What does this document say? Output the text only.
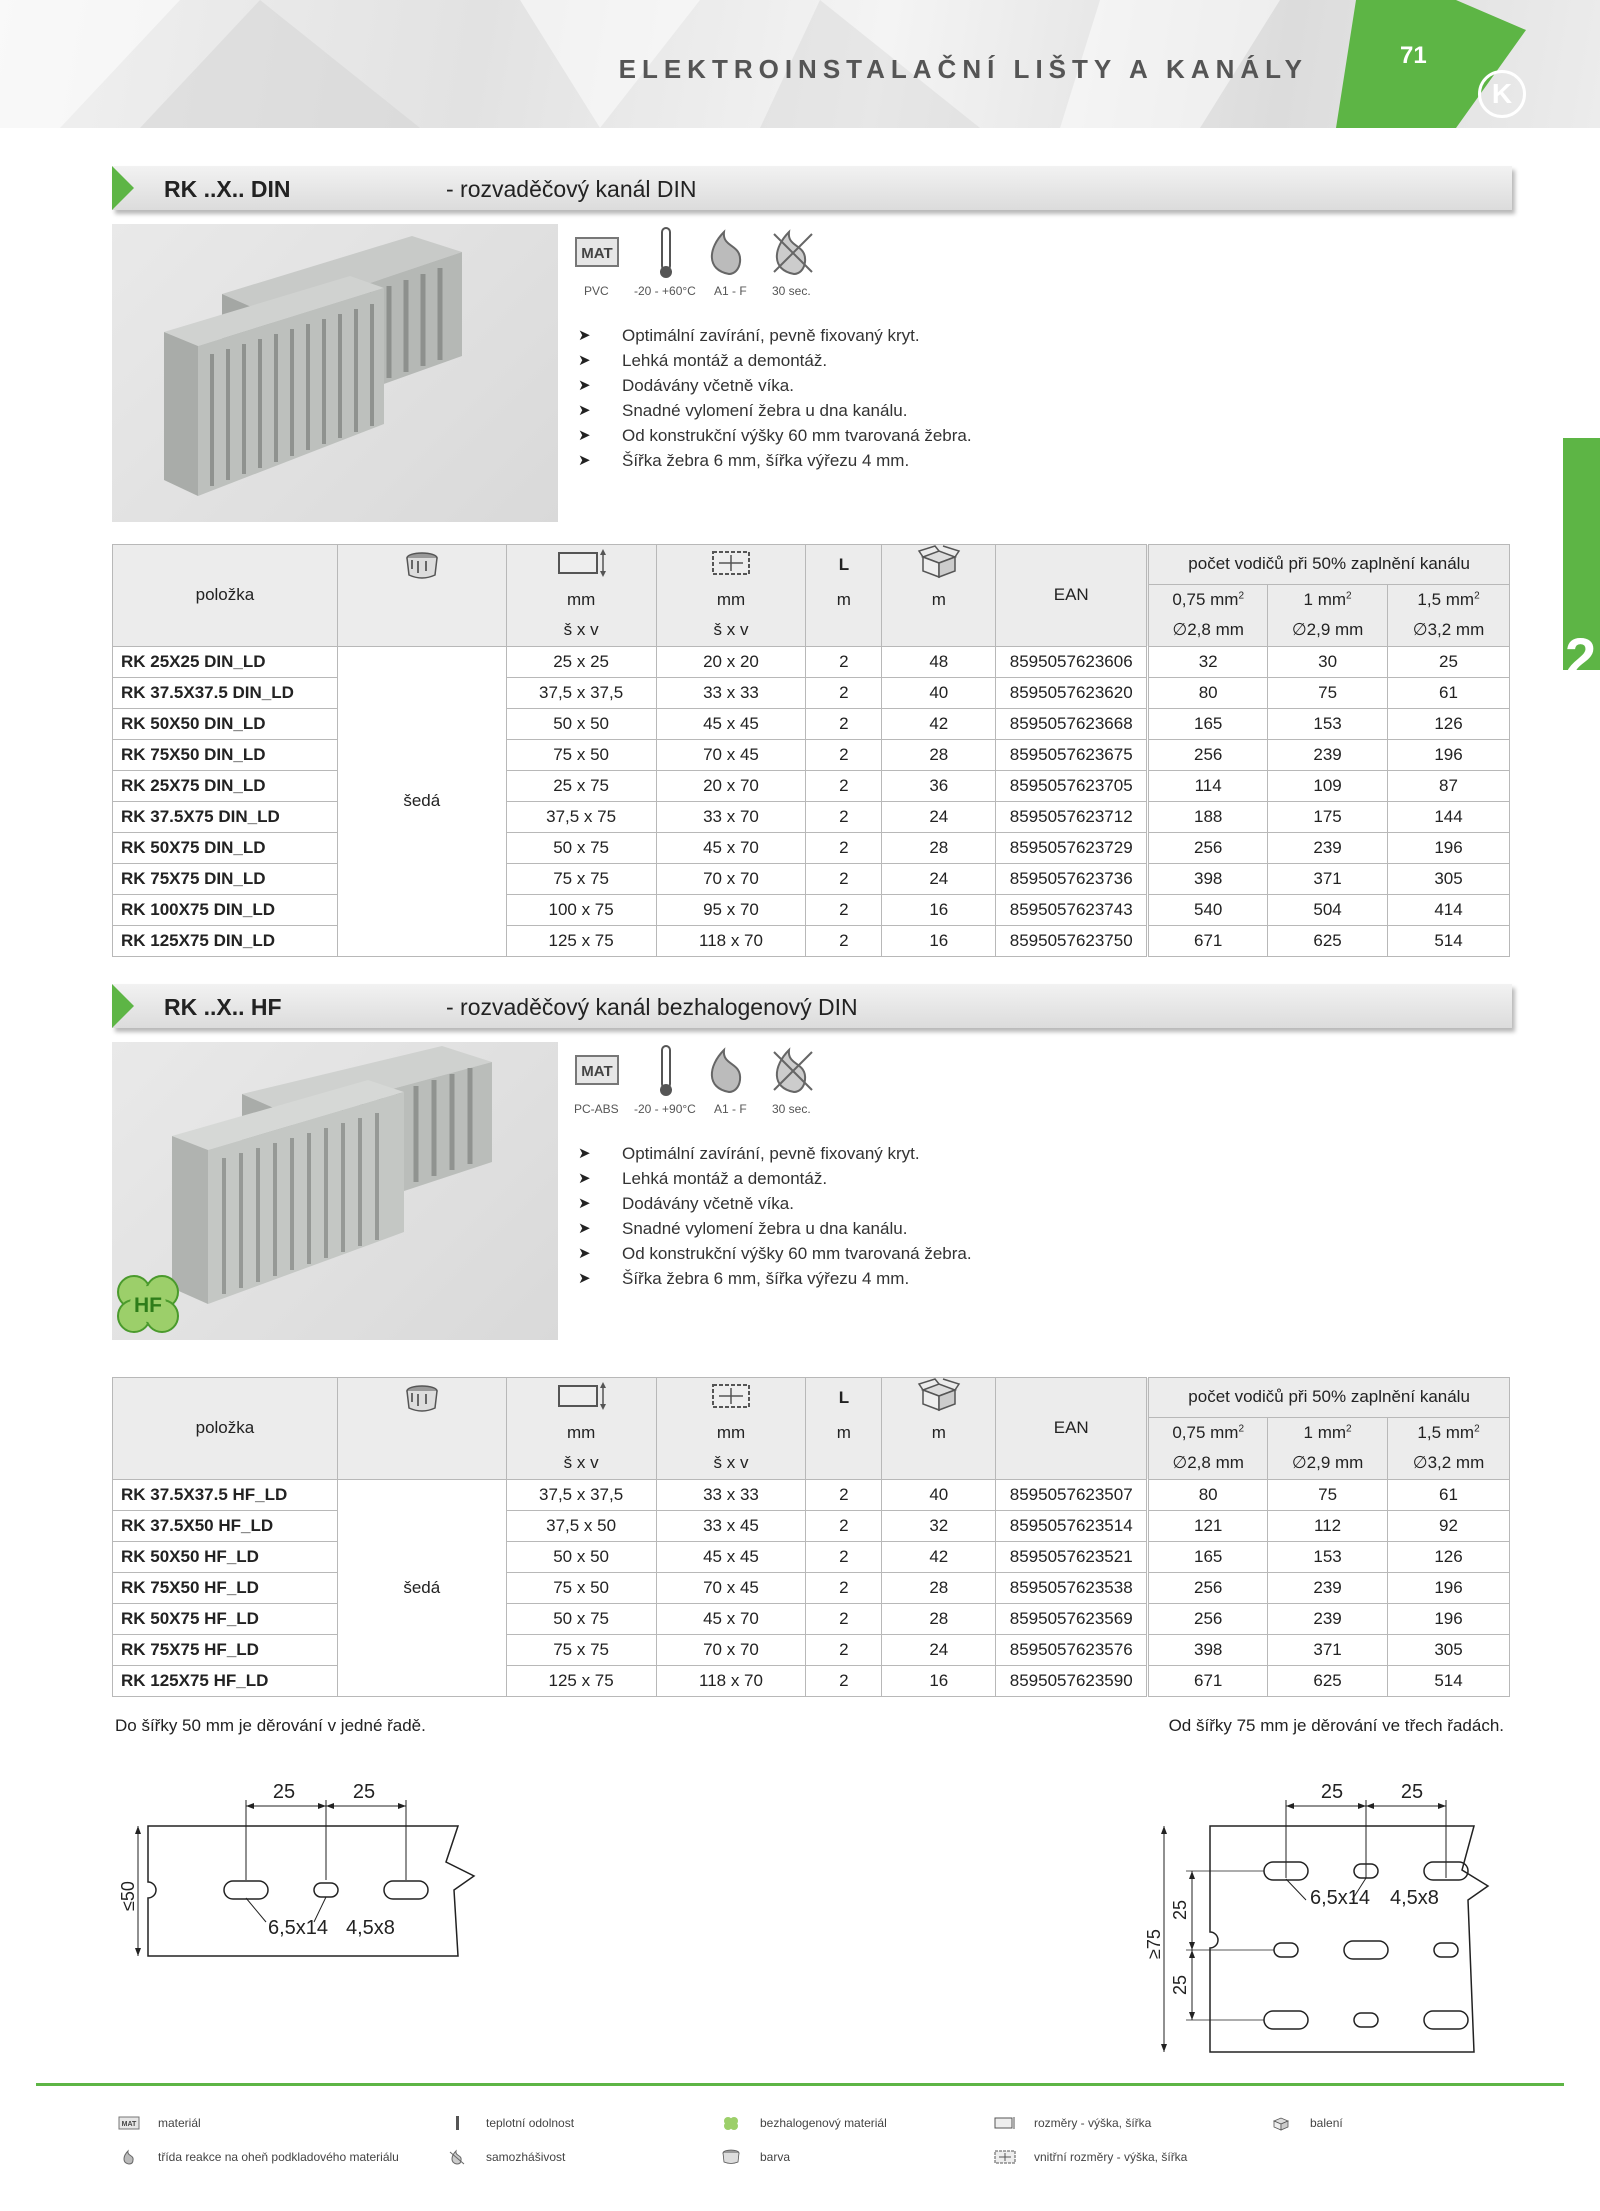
ELEKTROINSTALAČNÍ LIŠTY A KANÁLY	71
K
2
RK ..X.. DIN	- rozvaděčový kanál DIN
MAT
PVC -20 - +60°C A1 - F 30 sec.
➤ Optimální zavírání, pevně fixovaný kryt.
➤ Lehká montáž a demontáž.
➤ Dodávány včetně víka.
➤ Snadné vylomení žebra u dna kanálu.
➤ Od konstrukční výšky 60 mm tvarovaná žebra.
➤ Šířka žebra 6 mm, šířka výřezu 4 mm.
položka				L		EAN	počet vodičů při 50% zaplnění kanálu		
		mm	mm	m	m		0,75 $mm^2$	1 $mm^2$	1,5 $mm^2$
		š x v	š x v				∅2,8 mm	∅2,9 mm	∅3,2 mm
RK 25X25 DIN_LD	šedá	25 x 25	20 x 20	2	48	8595057623606	32	30	25
RK 37.5X37.5 DIN_LD		37,5 x 37,5	33 x 33	2	40	8595057623620	80	75	61
RK 50X50 DIN_LD		50 x 50	45 x 45	2	42	8595057623668	165	153	126
RK 75X50 DIN_LD		75 x 50	70 x 45	2	28	8595057623675	256	239	196
RK 25X75 DIN_LD		25 x 75	20 x 70	2	36	8595057623705	114	109	87
RK 37.5X75 DIN_LD		37,5 x 75	33 x 70	2	24	8595057623712	188	175	144
RK 50X75 DIN_LD		50 x 75	45 x 70	2	28	8595057623729	256	239	196
RK 75X75 DIN_LD		75 x 75	70 x 70	2	24	8595057623736	398	371	305
RK 100X75 DIN_LD		100 x 75	95 x 70	2	16	8595057623743	540	504	414
RK 125X75 DIN_LD		125 x 75	118 x 70	2	16	8595057623750	671	625	514
RK ..X.. HF	- rozvaděčový kanál bezhalogenový DIN
HF
MAT
PC-ABS -20 - +90°C A1 - F 30 sec.
➤ Optimální zavírání, pevně fixovaný kryt.
➤ Lehká montáž a demontáž.
➤ Dodávány včetně víka.
➤ Snadné vylomení žebra u dna kanálu.
➤ Od konstrukční výšky 60 mm tvarovaná žebra.
➤ Šířka žebra 6 mm, šířka výřezu 4 mm.
položka				L		EAN	počet vodičů při 50% zaplnění kanálu		
		mm	mm	m	m		0,75 $mm^2$	1 $mm^2$	1,5 $mm^2$
		š x v	š x v				∅2,8 mm	∅2,9 mm	∅3,2 mm
RK 37.5X37.5 HF_LD	šedá	37,5 x 37,5	33 x 33	2	40	8595057623507	80	75	61
RK 37.5X50 HF_LD		37,5 x 50	33 x 45	2	32	8595057623514	121	112	92
RK 50X50 HF_LD		50 x 50	45 x 45	2	42	8595057623521	165	153	126
RK 75X50 HF_LD		75 x 50	70 x 45	2	28	8595057623538	256	239	196
RK 50X75 HF_LD		50 x 75	45 x 70	2	28	8595057623569	256	239	196
RK 75X75 HF_LD		75 x 75	70 x 70	2	24	8595057623576	398	371	305
RK 125X75 HF_LD		125 x 75	118 x 70	2	16	8595057623590	671	625	514
Do šířky 50 mm je děrování v jedné řadě.	Od šířky 75 mm je děrování ve třech řadách.
25	25
≤50
6,5x14 4,5x8
25	25
6,5x14 4,5x8
≥75
25
25
MAT materiál	teplotní odolnost	bezhalogenový materiál	rozměry - výška, šířka	balení
třída reakce na oheň podkladového materiálu	samozhášivost	barva	vnitřní rozměry - výška, šířka
